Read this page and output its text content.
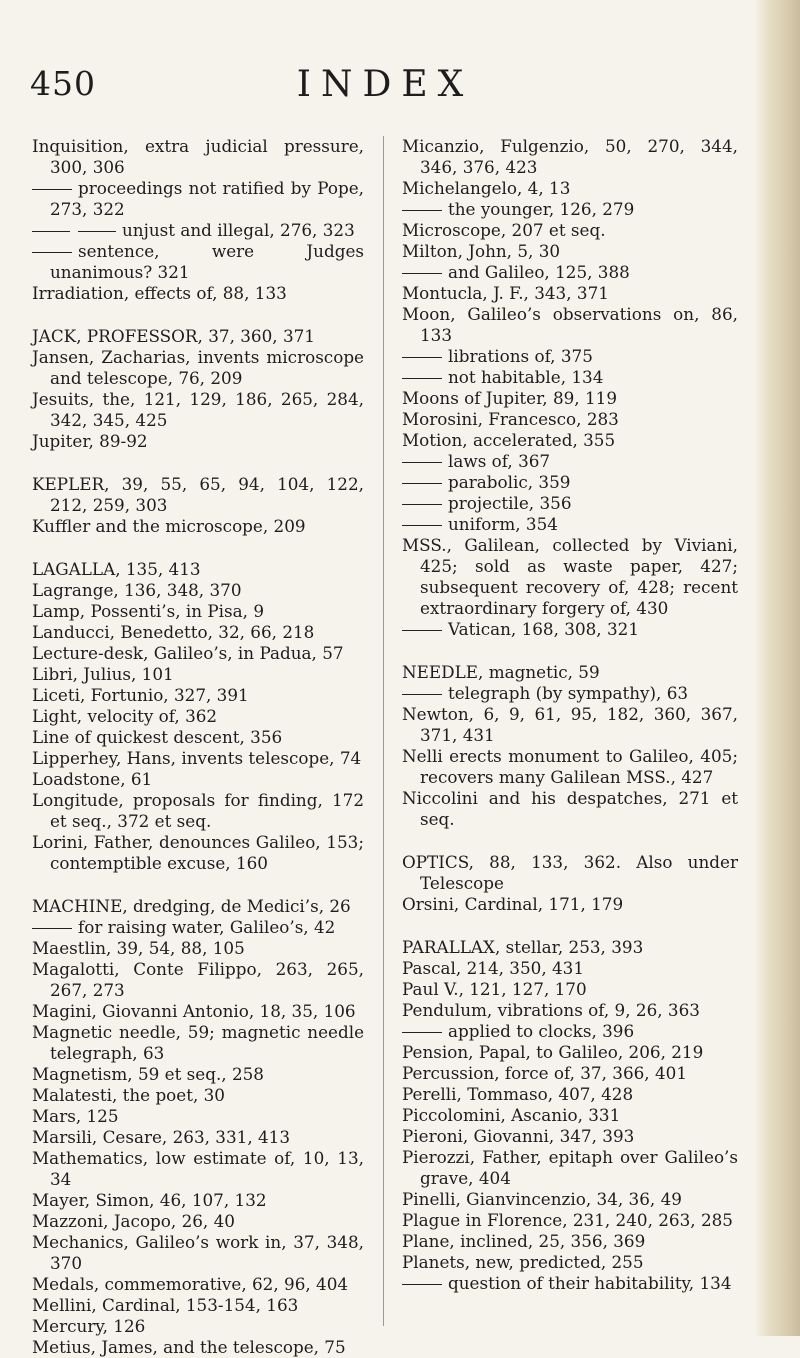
450	INDEX

Inquisition, extra judicial pressure, 300, 306

proceedings not ratified by Pope, 273, 322

unjust and illegal, 276, 323

sentence, were Judges unanimous? 321

Irradiation, effects of, 88, 133

JACK, PROFESSOR, 37, 360, 371

Jansen, Zacharias, invents microscope and telescope, 76, 209

Jesuits, the, 121, 129, 186, 265, 284, 342, 345, 425

Jupiter, 89-92

KEPLER, 39, 55, 65, 94, 104, 122, 212, 259, 303

Kuffler and the microscope, 209

LAGALLA, 135, 413

Lagrange, 136, 348, 370

Lamp, Possenti’s, in Pisa, 9

Landucci, Benedetto, 32, 66, 218

Lecture-desk, Galileo’s, in Padua, 57

Libri, Julius, 101

Liceti, Fortunio, 327, 391

Light, velocity of, 362

Line of quickest descent, 356

Lipperhey, Hans, invents telescope, 74

Loadstone, 61

Longitude, proposals for finding, 172 et seq., 372 et seq.

Lorini, Father, denounces Galileo, 153; contemptible excuse, 160

MACHINE, dredging, de Medici’s, 26

for raising water, Galileo’s, 42

Maestlin, 39, 54, 88, 105

Magalotti, Conte Filippo, 263, 265, 267, 273

Magini, Giovanni Antonio, 18, 35, 106

Magnetic needle, 59; magnetic needle telegraph, 63

Magnetism, 59 et seq., 258

Malatesti, the poet, 30

Mars, 125

Marsili, Cesare, 263, 331, 413

Mathematics, low estimate of, 10, 13, 34

Mayer, Simon, 46, 107, 132

Mazzoni, Jacopo, 26, 40

Mechanics, Galileo’s work in, 37, 348, 370

Medals, commemorative, 62, 96, 404

Mellini, Cardinal, 153-154, 163

Mercury, 126

Metius, James, and the telescope, 75

Micanzio, Fulgenzio, 50, 270, 344, 346, 376, 423

Michelangelo, 4, 13

the younger, 126, 279

Microscope, 207 et seq.

Milton, John, 5, 30

and Galileo, 125, 388

Montucla, J. F., 343, 371

Moon, Galileo’s observations on, 86, 133

librations of, 375

not habitable, 134

Moons of Jupiter, 89, 119

Morosini, Francesco, 283

Motion, accelerated, 355

laws of, 367

parabolic, 359

projectile, 356

uniform, 354

MSS., Galilean, collected by Viviani, 425; sold as waste paper, 427; subsequent recovery of, 428; recent extraordinary forgery of, 430

Vatican, 168, 308, 321

NEEDLE, magnetic, 59

telegraph (by sympathy), 63

Newton, 6, 9, 61, 95, 182, 360, 367, 371, 431

Nelli erects monument to Galileo, 405; recovers many Galilean MSS., 427

Niccolini and his despatches, 271 et seq.

OPTICS, 88, 133, 362. Also under Telescope

Orsini, Cardinal, 171, 179

PARALLAX, stellar, 253, 393

Pascal, 214, 350, 431

Paul V., 121, 127, 170

Pendulum, vibrations of, 9, 26, 363

applied to clocks, 396

Pension, Papal, to Galileo, 206, 219

Percussion, force of, 37, 366, 401

Perelli, Tommaso, 407, 428

Piccolomini, Ascanio, 331

Pieroni, Giovanni, 347, 393

Pierozzi, Father, epitaph over Galileo’s grave, 404

Pinelli, Gianvincenzio, 34, 36, 49

Plague in Florence, 231, 240, 263, 285

Plane, inclined, 25, 356, 369

Planets, new, predicted, 255

question of their habitability, 134
